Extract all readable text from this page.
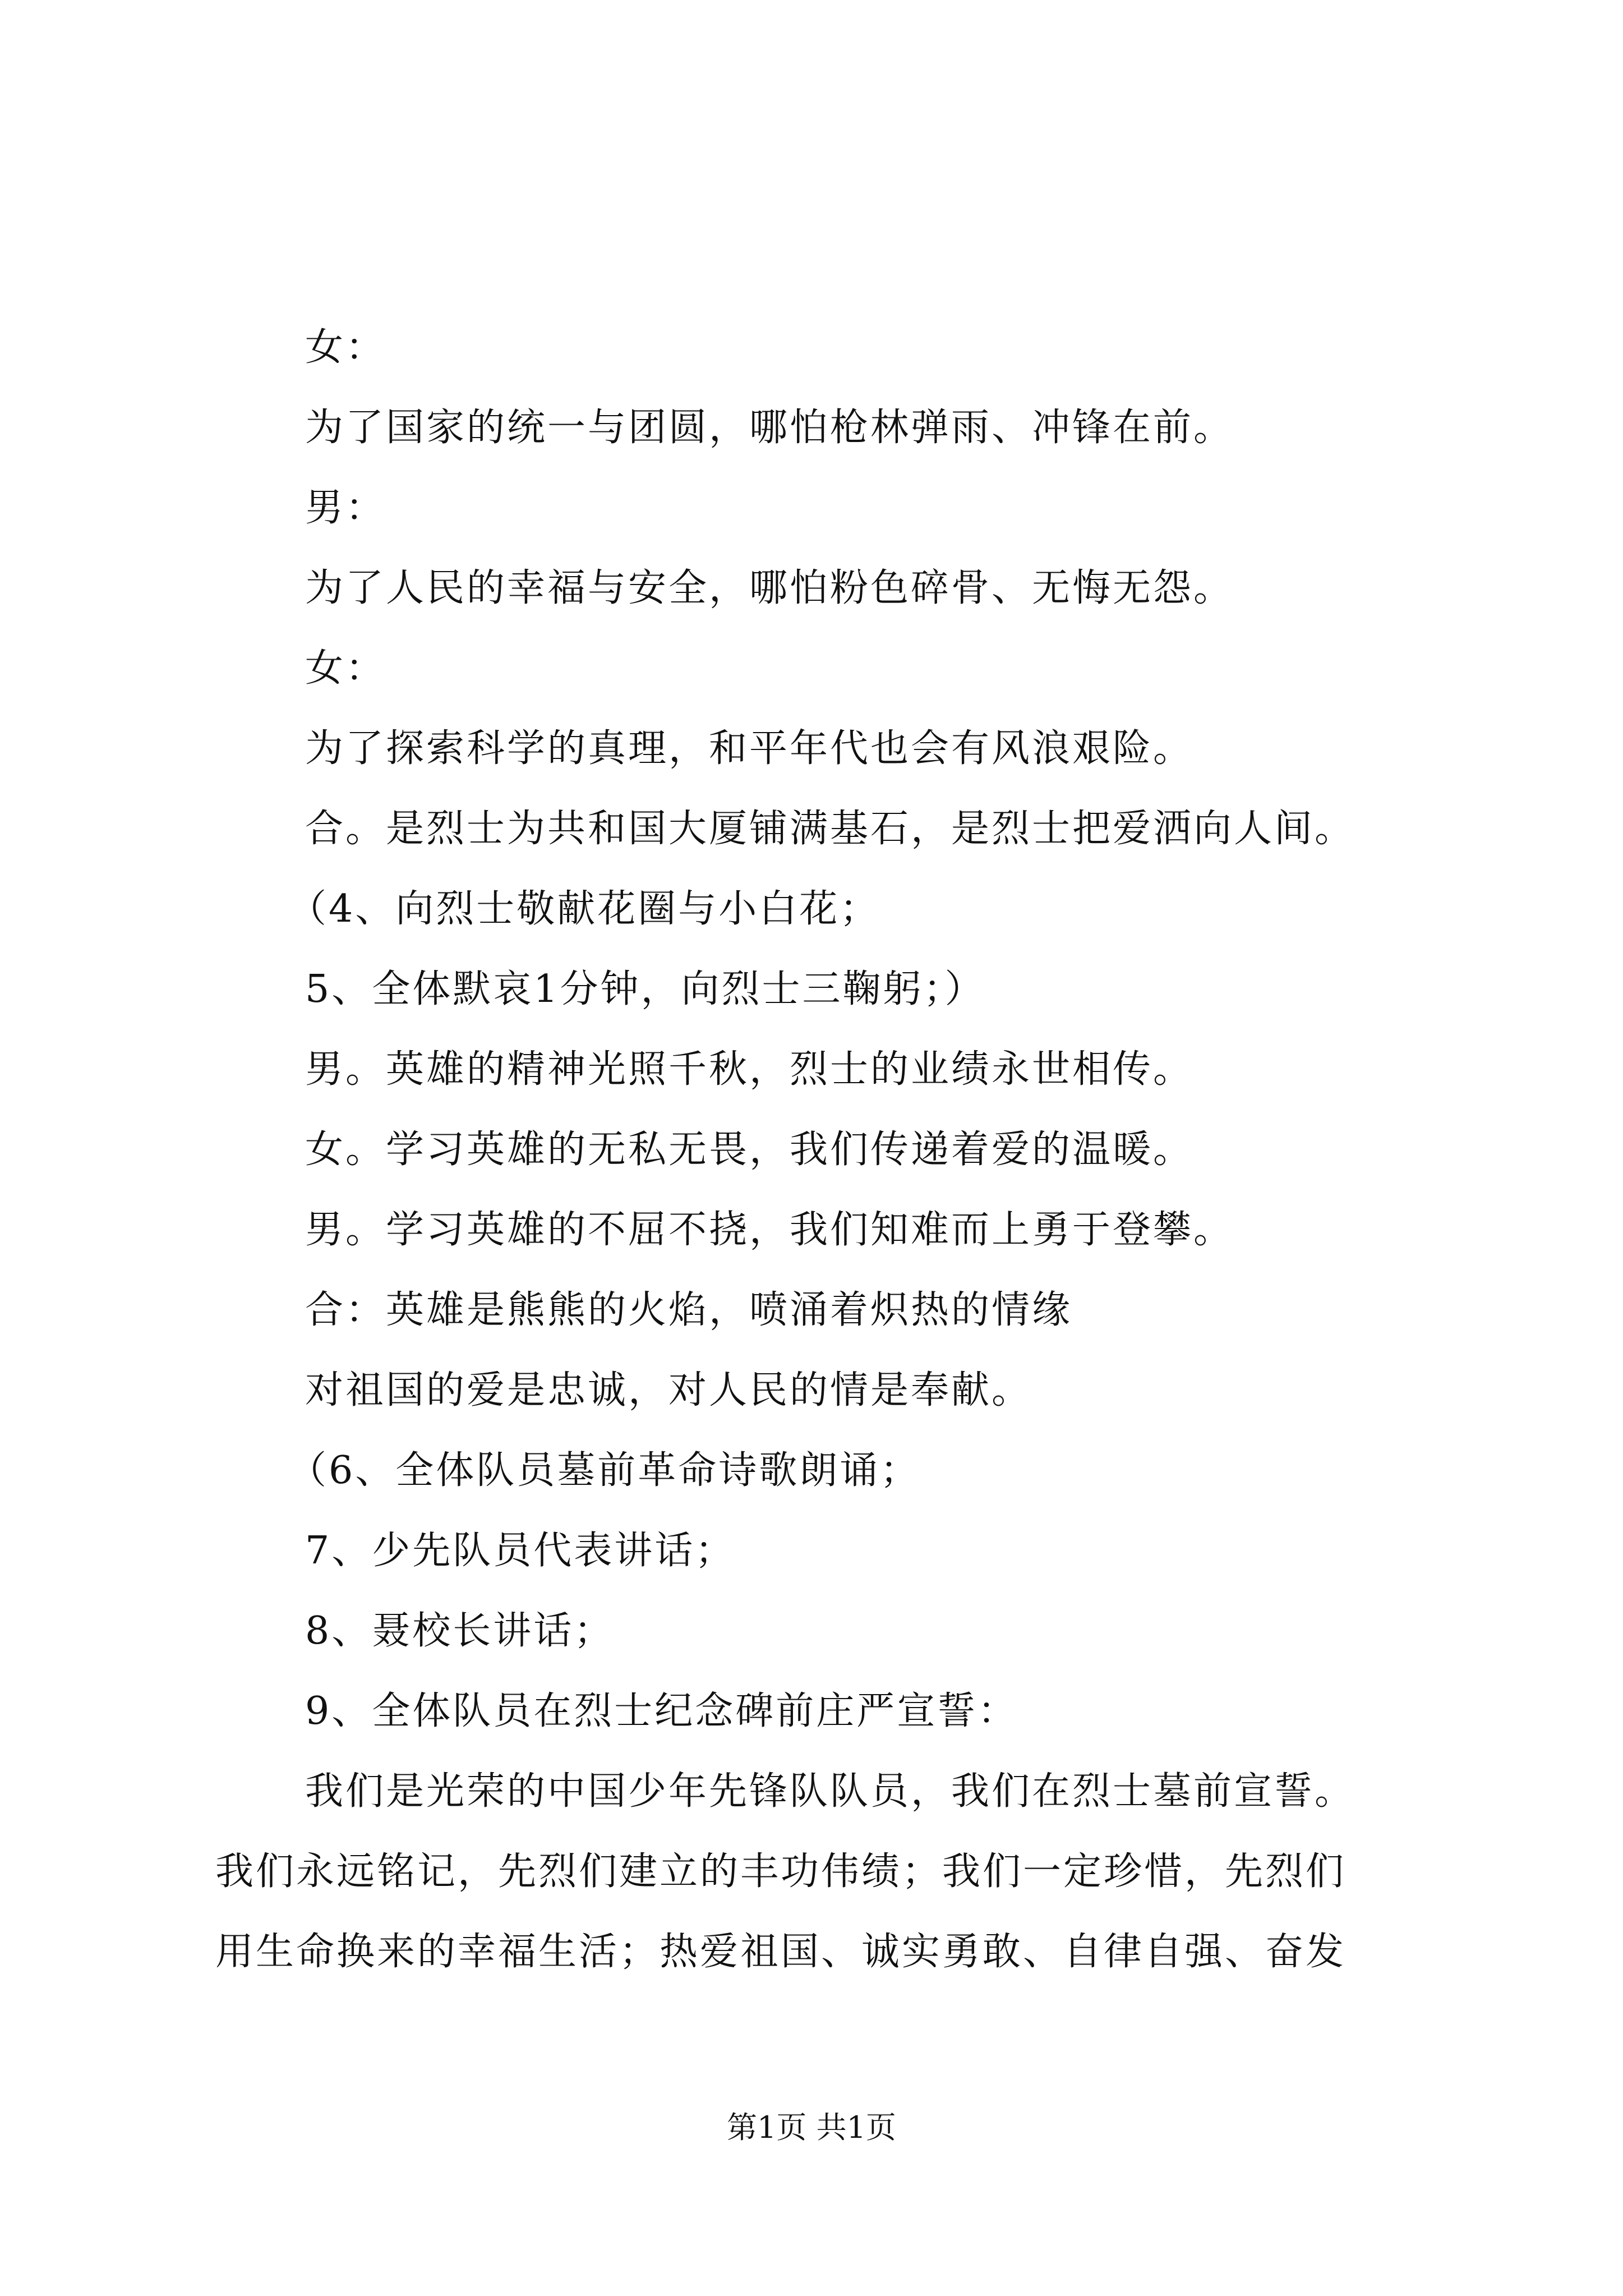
女：
为了国家的统一与团圆，哪怕枪林弹雨、冲锋在前。
男：
为了人民的幸福与安全，哪怕粉色碎骨、无悔无怨。
女：
为了探索科学的真理，和平年代也会有风浪艰险。
合。是烈士为共和国大厦铺满基石，是烈士把爱洒向人间。
（4、向烈士敬献花圈与小白花；
5、全体默哀1分钟，向烈士三鞠躬；）
男。英雄的精神光照千秋，烈士的业绩永世相传。
女。学习英雄的无私无畏，我们传递着爱的温暖。
男。学习英雄的不屈不挠，我们知难而上勇于登攀。
合：英雄是熊熊的火焰，喷涌着炽热的情缘
对祖国的爱是忠诚，对人民的情是奉献。
（6、全体队员墓前革命诗歌朗诵；
7、少先队员代表讲话；
8、聂校长讲话；
9、全体队员在烈士纪念碑前庄严宣誓：
我们是光荣的中国少年先锋队队员，我们在烈士墓前宣誓。
我们永远铭记，先烈们建立的丰功伟绩；我们一定珍惜，先烈们
用生命换来的幸福生活；热爱祖国、诚实勇敢、自律自强、奋发
第1页 共1页
